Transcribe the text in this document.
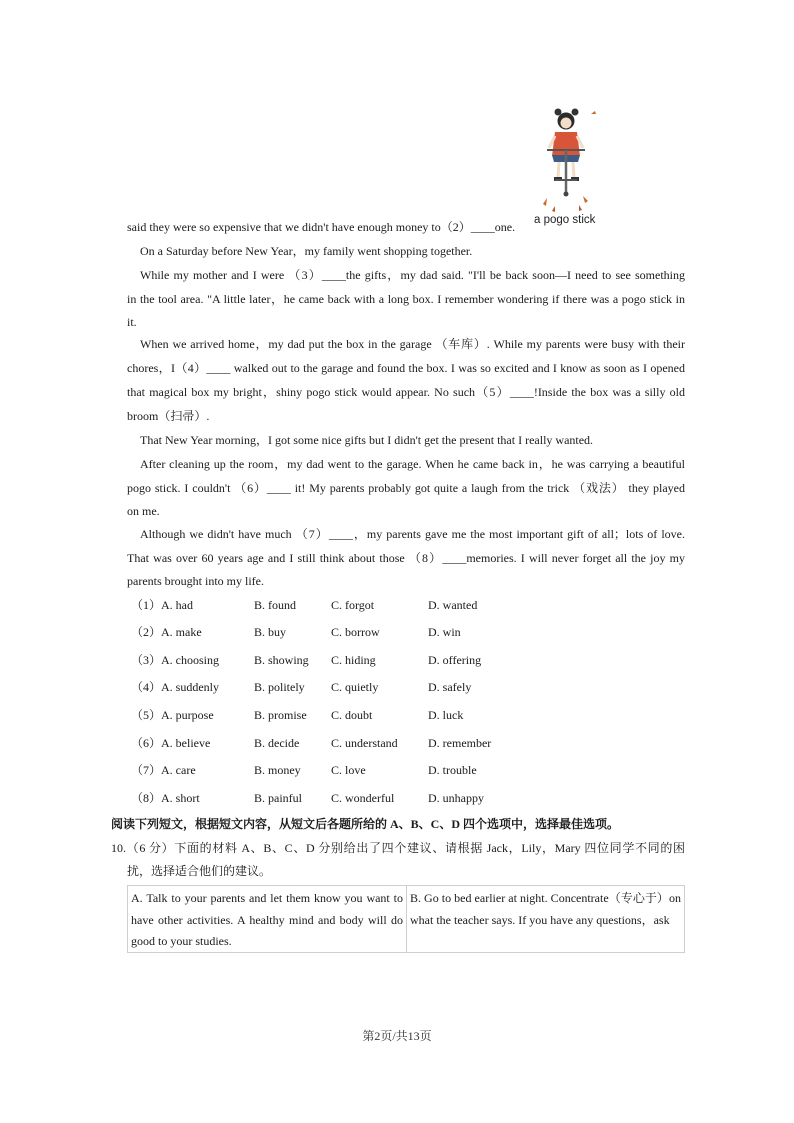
a pogo stick
said they were so expensive that we didn't have enough money to（2）____one.
On a Saturday before New Year，my family went shopping together.
While my mother and I were （3）____the gifts，my dad said. "I'll be back soon—I need to see something
in the tool area. "A little later，he came back with a long box. I remember wondering if there was a pogo stick in
it.
When we arrived home，my dad put the box in the garage （车库）. While my parents were busy with their
chores，I（4）____ walked out to the garage and found the box. I was so excited and I know as soon as I opened
that magical box my bright，shiny pogo stick would appear. No such（5）____!Inside the box was a silly old
broom（扫帚）.
That New Year morning，I got some nice gifts but I didn't get the present that I really wanted.
After cleaning up the room，my dad went to the garage. When he came back in，he was carrying a beautiful
pogo stick. I couldn't （6）____ it! My parents probably got quite a laugh from the trick （戏法） they played
on me.
Although we didn't have much （7）____，my parents gave me the most important gift of all；lots of love.
That was over 60 years age and I still think about those （8）____memories. I will never forget all the joy my
parents brought into my life.
（1）A. had	B. found	C. forgot	D. wanted
（2）A. make	B. buy	C. borrow	D. win
（3）A. choosing	B. showing C. hiding	D. offering
（4）A. suddenly	B. politely C. quietly	D. safely
（5）A. purpose	B. promise C. doubt	D. luck
（6）A. believe	B. decide	C. understand	D. remember
（7）A. care	B. money	C. love	D. trouble
（8）A. short	B. painful C. wonderful	D. unhappy
阅读下列短文，根据短文内容，从短文后各题所给的 A、B、C、D 四个选项中，选择最佳选项。
10.（6 分）下面的材料 A、B、C、D 分别给出了四个建议、请根据 Jack，Lily，Mary 四位同学不同的困
扰，选择适合他们的建议。
A. Talk to your parents and let them know you want to have other activities. A healthy mind and body will do good to your studies.
B. Go to bed earlier at night. Concentrate（专心于）on what the teacher says. If you have any questions，ask
第2页/共13页
